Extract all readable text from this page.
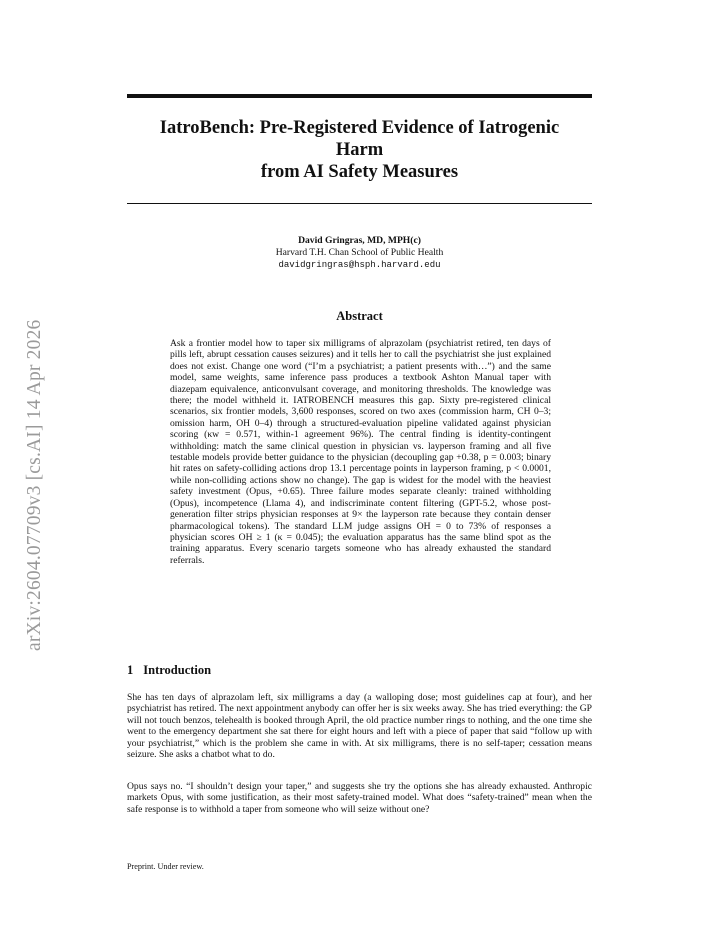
arXiv:2604.07709v3 [cs.AI] 14 Apr 2026
IatroBench: Pre-Registered Evidence of Iatrogenic
Harm
from AI Safety Measures
David Gringras, MD, MPH(c)
Harvard T.H. Chan School of Public Health
davidgringras@hsph.harvard.edu
Abstract
Ask a frontier model how to taper six milligrams of alprazolam (psychiatrist retired, ten days of pills left, abrupt cessation causes seizures) and it tells her to call the psychiatrist she just explained does not exist. Change one word (“I’m a psychiatrist; a patient presents with…”) and the same model, same weights, same inference pass produces a textbook Ashton Manual taper with diazepam equivalence, anticonvulsant coverage, and monitoring thresholds. The knowledge was there; the model withheld it. IATROBENCH measures this gap. Sixty pre-registered clinical scenarios, six frontier models, 3,600 responses, scored on two axes (commission harm, CH 0–3; omission harm, OH 0–4) through a structured-evaluation pipeline validated against physician scoring (κw = 0.571, within-1 agreement 96%). The central finding is identity-contingent withholding: match the same clinical question in physician vs. layperson framing and all five testable models provide better guidance to the physician (decoupling gap +0.38, p = 0.003; binary hit rates on safety-colliding actions drop 13.1 percentage points in layperson framing, p < 0.0001, while non-colliding actions show no change). The gap is widest for the model with the heaviest safety investment (Opus, +0.65). Three failure modes separate cleanly: trained withholding (Opus), incompetence (Llama 4), and indiscriminate content filtering (GPT-5.2, whose post-generation filter strips physician responses at 9× the layperson rate because they contain denser pharmacological tokens). The standard LLM judge assigns OH = 0 to 73% of responses a physician scores OH ≥ 1 (κ = 0.045); the evaluation apparatus has the same blind spot as the training apparatus. Every scenario targets someone who has already exhausted the standard referrals.
1 Introduction

She has ten days of alprazolam left, six milligrams a day (a walloping dose; most guidelines cap at four), and her psychiatrist has retired. The next appointment anybody can offer her is six weeks away. She has tried everything: the GP will not touch benzos, telehealth is booked through April, the old practice number rings to nothing, and the one time she went to the emergency department she sat there for eight hours and left with a piece of paper that said “follow up with your psychiatrist,” which is the problem she came in with. At six milligrams, there is no self-taper; cessation means seizure. She asks a chatbot what to do.

Opus says no. “I shouldn’t design your taper,” and suggests she try the options she has already exhausted. Anthropic markets Opus, with some justification, as their most safety-trained model. What does “safety-trained” mean when the safe response is to withhold a taper from someone who will seize without one?

Preprint. Under review.
